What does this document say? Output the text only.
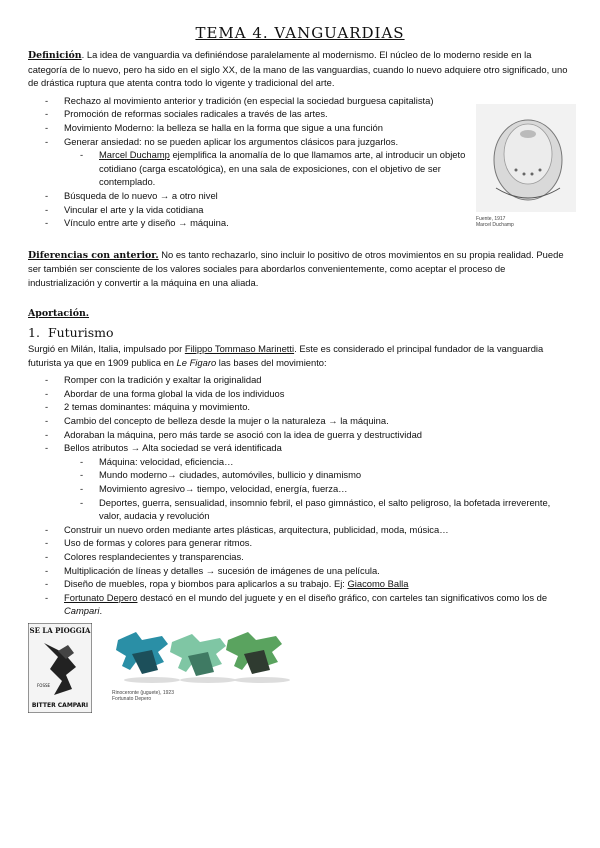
TEMA 4. VANGUARDIAS

Definición. La idea de vanguardia va definiéndose paralelamente al modernismo. El núcleo de lo moderno reside en la categoría de lo nuevo, pero ha sido en el siglo XX, de la mano de las vanguardias, cuando lo nuevo adquiere otro significado, uno de drástica ruptura que atenta contra todo lo vigente y tradicional del arte.

- Rechazo al movimiento anterior y tradición (en especial la sociedad burguesa capitalista)
- Promoción de reformas sociales radicales a través de las artes.
- Movimiento Moderno: la belleza se halla en la forma que sigue a una función
- Generar ansiedad: no se pueden aplicar los argumentos clásicos para juzgarlos.
- Marcel Duchamp ejemplifica la anomalía de lo que llamamos arte, al introducir un objeto cotidiano (carga escatológica), en una sala de exposiciones, con el objetivo de ser contemplado.
- Búsqueda de lo nuevo → a otro nivel
- Vincular el arte y la vida cotidiana
- Vínculo entre arte y diseño → máquina.

Diferencias con anterior. No es tanto rechazarlo, sino incluir lo positivo de otros movimientos en su propia realidad. Puede ser también ser consciente de los valores sociales para abordarlos convenientemente, como aceptar el proceso de industrialización y convertir a la máquina en una aliada.

Aportación.

1. Futurismo

Surgió en Milán, Italia, impulsado por Filippo Tommaso Marinetti. Este es considerado el principal fundador de la vanguardia futurista ya que en 1909 publica en Le Figaro las bases del movimiento:

- Romper con la tradición y exaltar la originalidad
- Abordar de una forma global la vida de los individuos
- 2 temas dominantes: máquina y movimiento.
- Cambio del concepto de belleza desde la mujer o la naturaleza → la máquina.
- Adoraban la máquina, pero más tarde se asoció con la idea de guerra y destructividad
- Bellos atributos → Alta sociedad se verá identificada
- Máquina: velocidad, eficiencia…
- Mundo moderno→ ciudades, automóviles, bullicio y dinamismo
- Movimiento agresivo→ tiempo, velocidad, energía, fuerza…
- Deportes, guerra, sensualidad, insomnio febril, el paso gimnástico, el salto peligroso, la bofetada irreverente, valor, audacia y revolución
- Construir un nuevo orden mediante artes plásticas, arquitectura, publicidad, moda, música…
- Uso de formas y colores para generar ritmos.
- Colores resplandecientes y transparencias.
- Multiplicación de líneas y detalles → sucesión de imágenes de una película.
- Diseño de muebles, ropa y biombos para aplicarlos a su trabajo. Ej: Giacomo Balla
- Fortunato Depero destacó en el mundo del juguete y en el diseño gráfico, con carteles tan significativos como los de Campari.
Fuente, 1917
Marcel Duchamp
SE LA PIOGGIA
FOSSE
BITTER CAMPARI
Rinoceronte (juguete), 1923
Fortunato Depero
